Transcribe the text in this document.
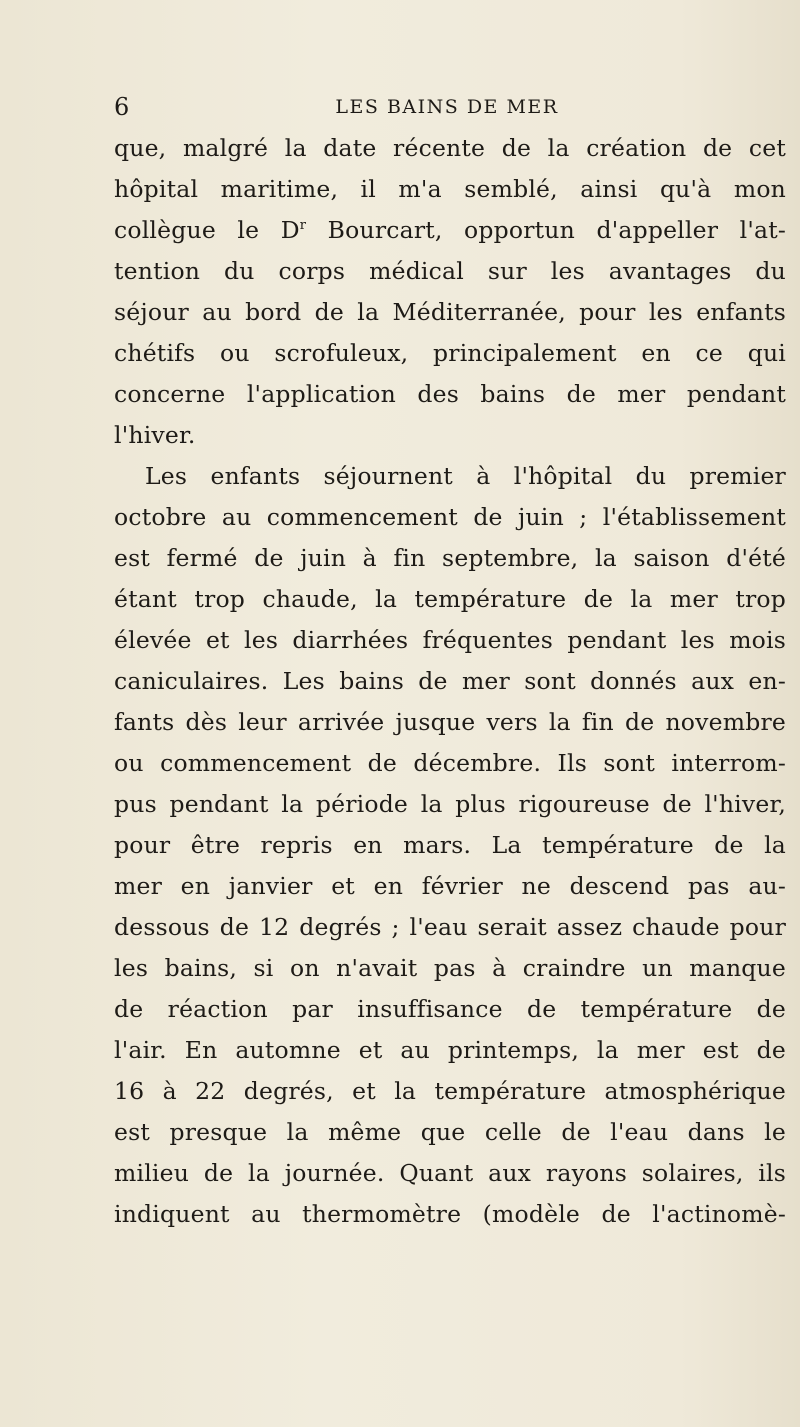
6	LES BAINS DE MER
que, malgré la date récente de la création de cet
hôpital maritime, il m'a semblé, ainsi qu'à mon
collègue le $D^r$ Bourcart, opportun d'appeller l'at-
tention du corps médical sur les avantages du
séjour au bord de la Méditerranée, pour les enfants
chétifs ou scrofuleux, principalement en ce qui
concerne l'application des bains de mer pendant
l'hiver.
Les enfants séjournent à l'hôpital du premier
octobre au commencement de juin ; l'établissement
est fermé de juin à fin septembre, la saison d'été
étant trop chaude, la température de la mer trop
élevée et les diarrhées fréquentes pendant les mois
caniculaires. Les bains de mer sont donnés aux en-
fants dès leur arrivée jusque vers la fin de novembre
ou commencement de décembre. Ils sont interrom-
pus pendant la période la plus rigoureuse de l'hiver,
pour être repris en mars. La température de la
mer en janvier et en février ne descend pas au-
dessous de 12 degrés ; l'eau serait assez chaude pour
les bains, si on n'avait pas à craindre un manque
de réaction par insuffisance de température de
l'air. En automne et au printemps, la mer est de
16 à 22 degrés, et la température atmosphérique
est presque la même que celle de l'eau dans le
milieu de la journée. Quant aux rayons solaires, ils
indiquent au thermomètre (modèle de l'actinomè-
